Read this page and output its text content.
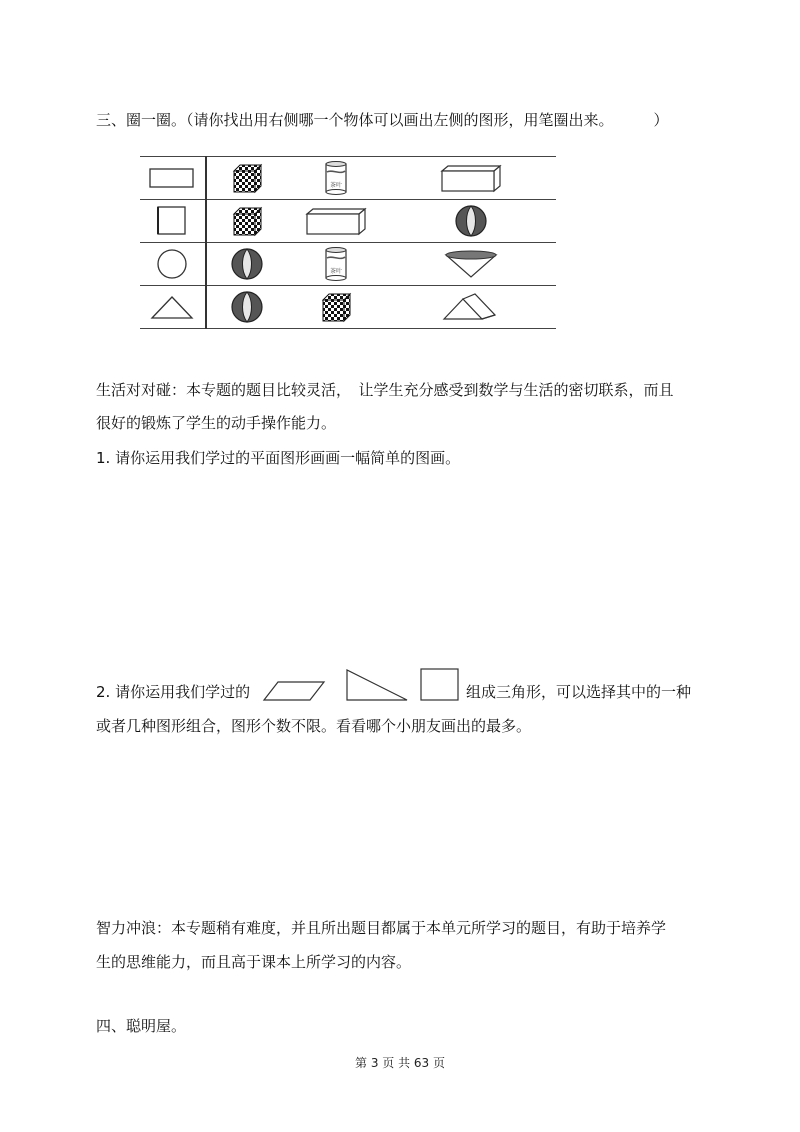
三、圈一圈。（请你找出用右侧哪一个物体可以画出左侧的图形，用笔圈出来。	）

茶叶

茶叶

生活对对碰：本专题的题目比较灵活，　让学生充分感受到数学与生活的密切联系，而且
很好的锻炼了学生的动手操作能力。
1. 请你运用我们学过的平面图形画画一幅简单的图画。
2. 请你运用我们学过的	组成三角形，可以选择其中的一种
或者几种图形组合，图形个数不限。看看哪个小朋友画出的最多。
智力冲浪：本专题稍有难度，并且所出题目都属于本单元所学习的题目，有助于培养学
生的思维能力，而且高于课本上所学习的内容。
四、聪明屋。
第 3 页 共 63 页
